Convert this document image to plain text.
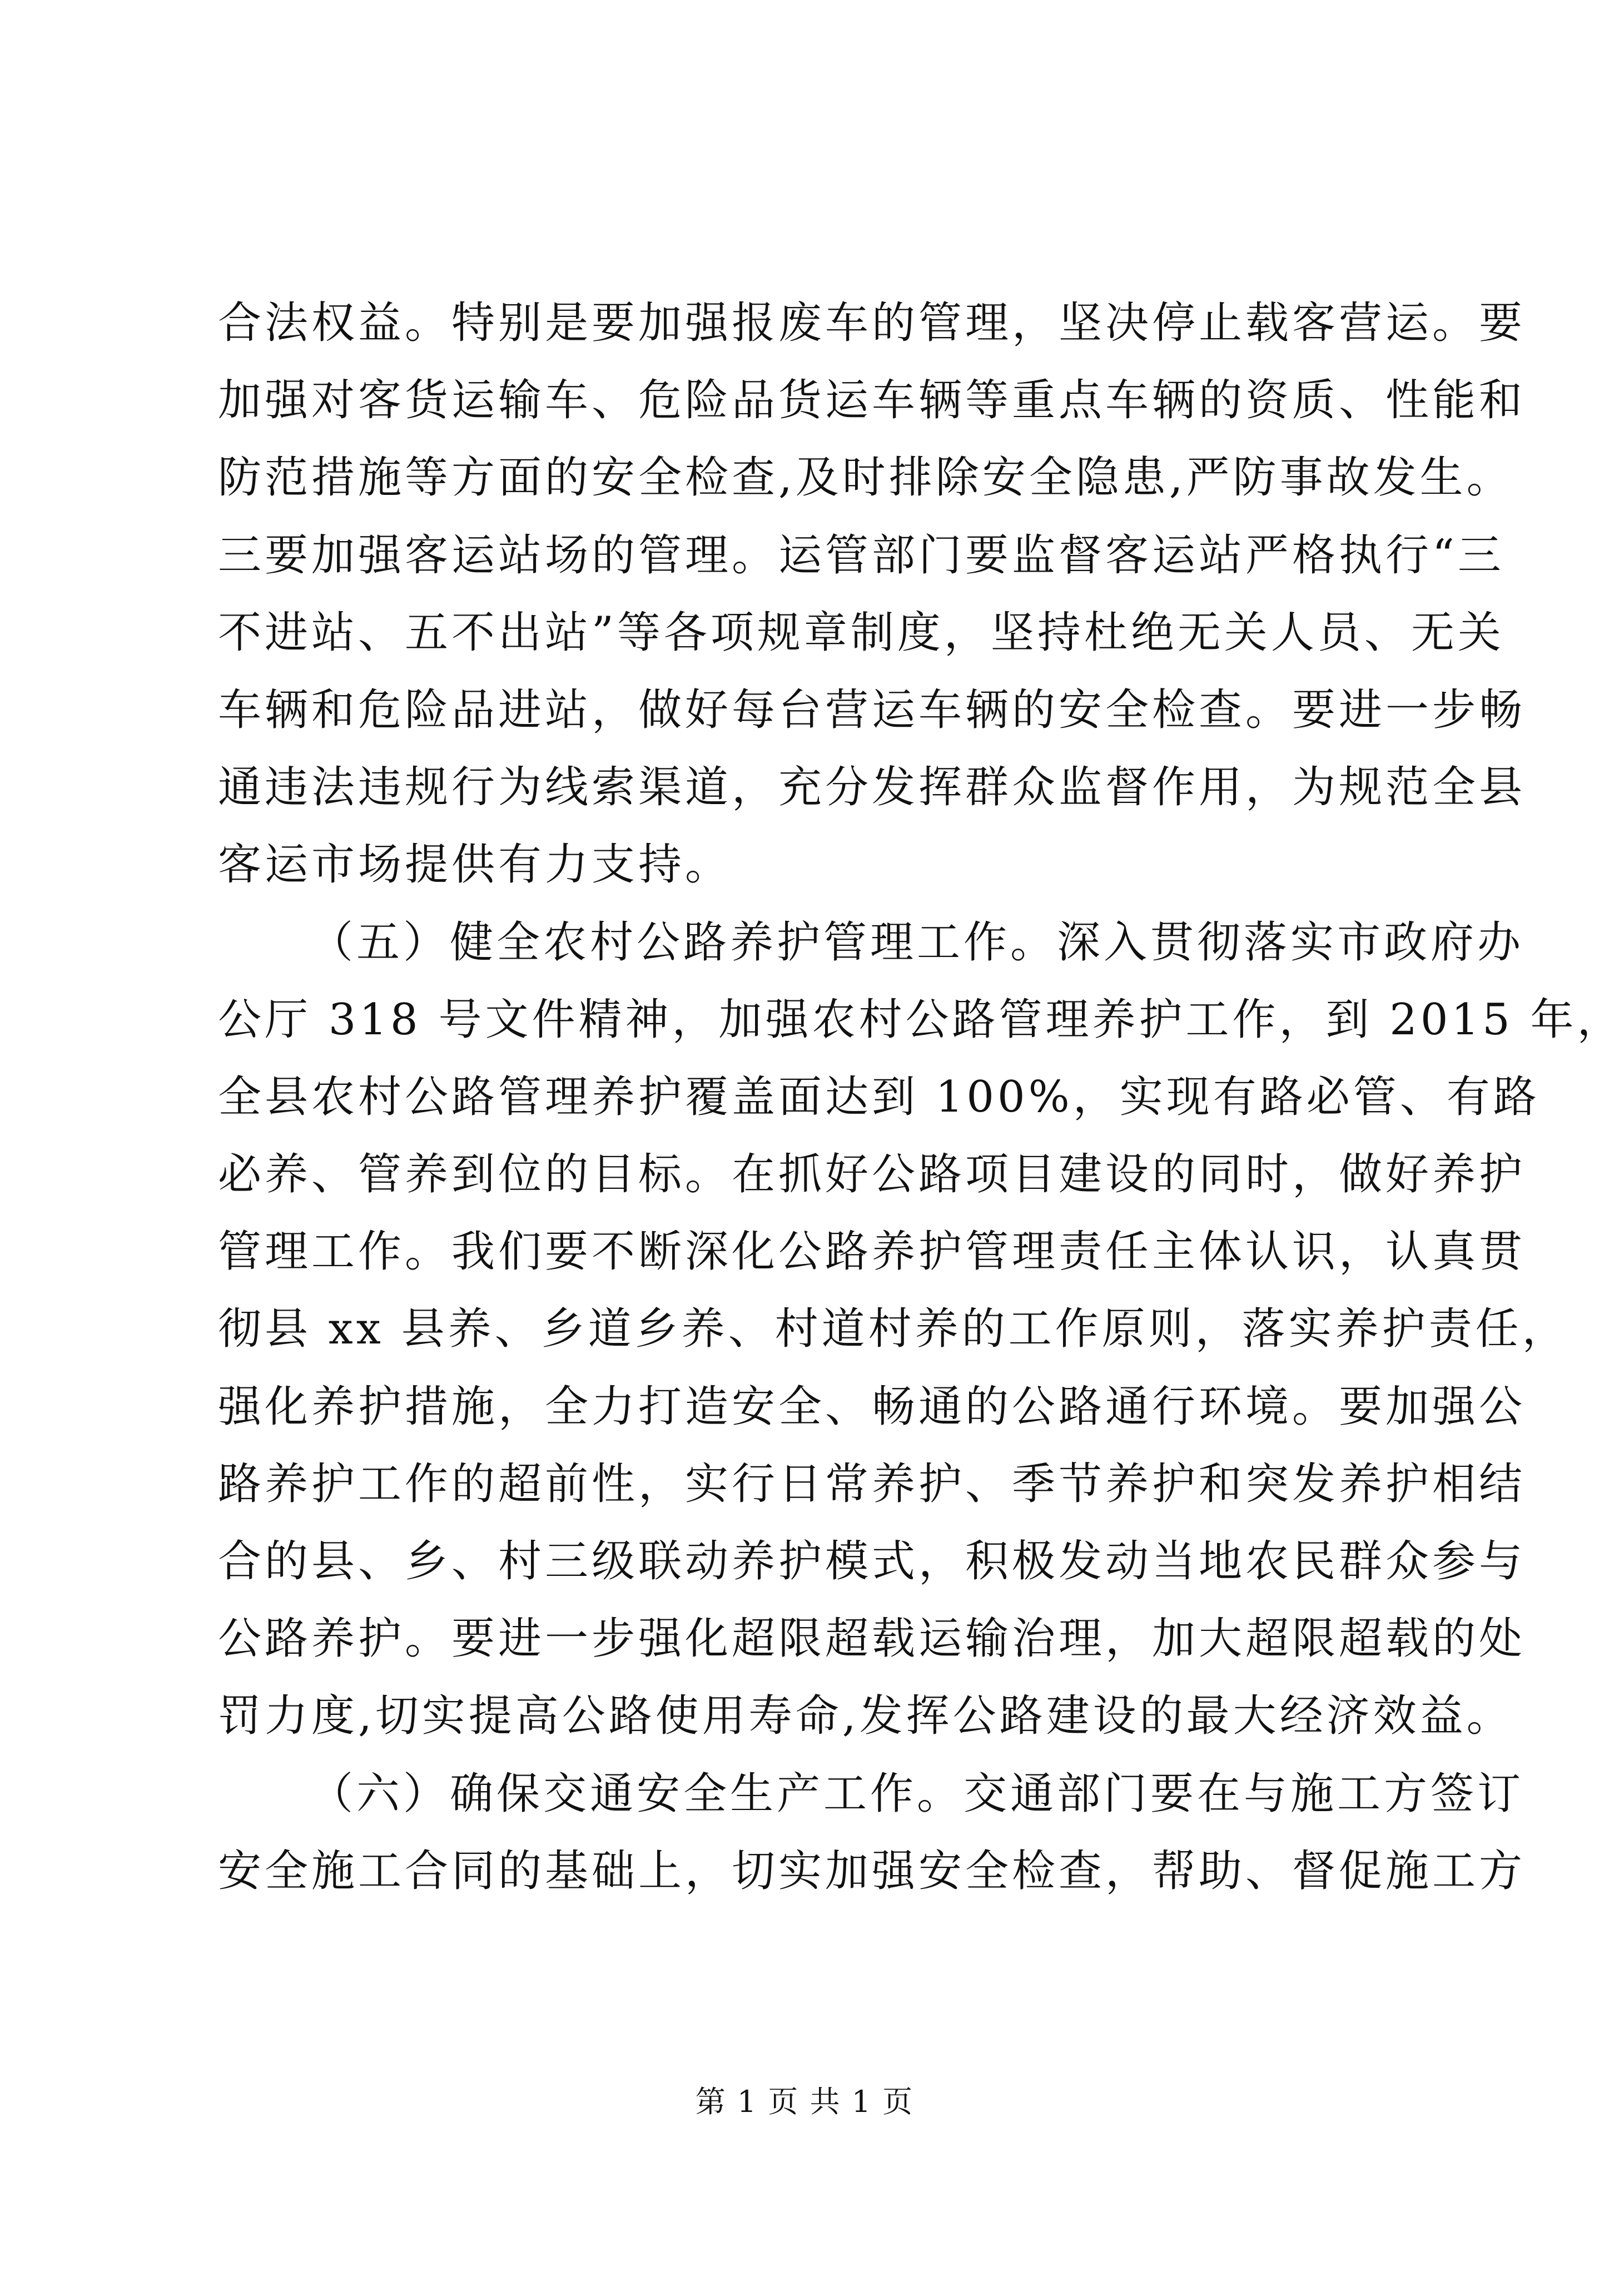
合法权益。特别是要加强报废车的管理，坚决停止载客营运。要
加强对客货运输车、危险品货运车辆等重点车辆的资质、性能和
防范措施等方面的安全检查,及时排除安全隐患,严防事故发生。
三要加强客运站场的管理。运管部门要监督客运站严格执行“三
不进站、五不出站”等各项规章制度，坚持杜绝无关人员、无关
车辆和危险品进站，做好每台营运车辆的安全检查。要进一步畅
通违法违规行为线索渠道，充分发挥群众监督作用，为规范全县
客运市场提供有力支持。
（五）健全农村公路养护管理工作。深入贯彻落实市政府办
公厅 318 号文件精神，加强农村公路管理养护工作，到 2015 年，
全县农村公路管理养护覆盖面达到 100%，实现有路必管、有路
必养、管养到位的目标。在抓好公路项目建设的同时，做好养护
管理工作。我们要不断深化公路养护管理责任主体认识，认真贯
彻县 xx 县养、乡道乡养、村道村养的工作原则，落实养护责任，
强化养护措施，全力打造安全、畅通的公路通行环境。要加强公
路养护工作的超前性，实行日常养护、季节养护和突发养护相结
合的县、乡、村三级联动养护模式，积极发动当地农民群众参与
公路养护。要进一步强化超限超载运输治理，加大超限超载的处
罚力度,切实提高公路使用寿命,发挥公路建设的最大经济效益。
（六）确保交通安全生产工作。交通部门要在与施工方签订
安全施工合同的基础上，切实加强安全检查，帮助、督促施工方
第 1 页 共 1 页
